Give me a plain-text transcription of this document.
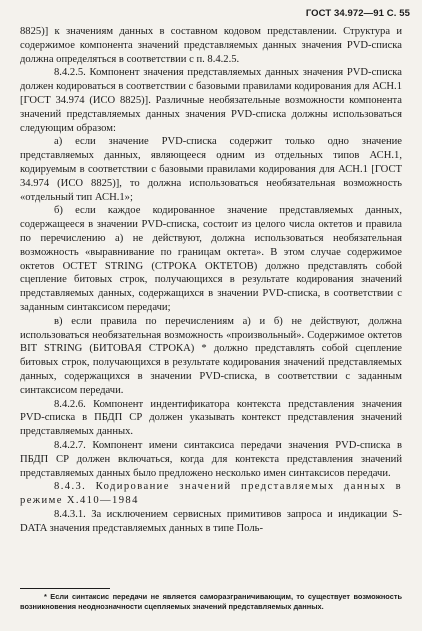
ГОСТ 34.972—91 С. 55

8825)] к значениям данных в составном кодовом представлении. Структура и содержимое компонента значений представляемых данных значения PVD-списка должна определяться в соответствии с п. 8.4.2.5.

8.4.2.5. Компонент значения представляемых данных значения PVD-списка должен кодироваться в соответствии с базовыми правилами кодирования для АСН.1 [ГОСТ 34.974 (ИСО 8825)]. Различные необязательные возможности компонента значений представляемых данных значения PVD-списка должны использоваться следующим образом:

а) если значение PVD-списка содержит только одно значение представляемых данных, являющееся одним из отдельных типов АСН.1, кодируемым в соответствии с базовыми правилами кодирования для АСН.1 [ГОСТ 34.974 (ИСО 8825)], то должна использоваться необязательная возможность «отдельный тип АСН.1»;

б) если каждое кодированное значение представляемых данных, содержащееся в значении PVD-списка, состоит из целого числа октетов и правила по перечислению а) не действуют, должна использоваться необязательная возможность «выравнивание по границам октета». В этом случае содержимое октетов OCTET STRING (СТРОКА ОКТЕТОВ) должно представлять собой сцепление битовых строк, получающихся в результате кодирования значений представляемых данных, содержащихся в значении PVD-списка, в соответствии с заданным синтаксисом передачи;

в) если правила по перечислениям а) и б) не действуют, должна использоваться необязательная возможность «произвольный». Содержимое октетов BIT STRING (БИТОВАЯ СТРОКА) * должно представлять собой сцепление битовых строк, получающихся в результате кодирования значений представляемых данных, содержащихся в значении PVD-списка, в соответствии с заданным синтаксисом передачи.

8.4.2.6. Компонент индентификатора контекста представления значения PVD-списка в ПБДП СР должен указывать контекст представления значений представляемых данных.

8.4.2.7. Компонент имени синтаксиса передачи значения PVD-списка в ПБДП СР должен включаться, когда для контекста представления значений представляемых данных было предложено несколько имен синтаксисов передачи.

8.4.3. Кодирование значений представляемых данных в режиме X.410—1984

8.4.3.1. За исключением сервисных примитивов запроса и индикации S-DATA значения представляемых данных в типе Поль-

* Если синтаксис передачи не является саморазграничивающим, то существует возможность возникновения неоднозначности сцепляемых значений представляемых данных.
